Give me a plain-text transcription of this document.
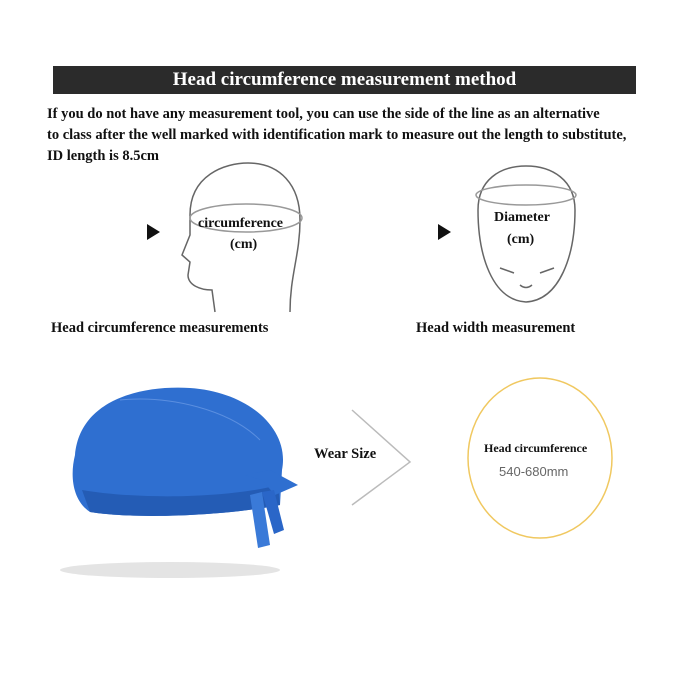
Head circumference measurement method
If you do not have any measurement tool, you can use the side of the line as an alternative
to class after the well marked with identification mark to measure out the length to substitute,
ID length is 8.5cm
circumference
(cm)
Head circumference measurements
Diameter
(cm)
Head width measurement
Wear Size	Head circumference
540-680mm
